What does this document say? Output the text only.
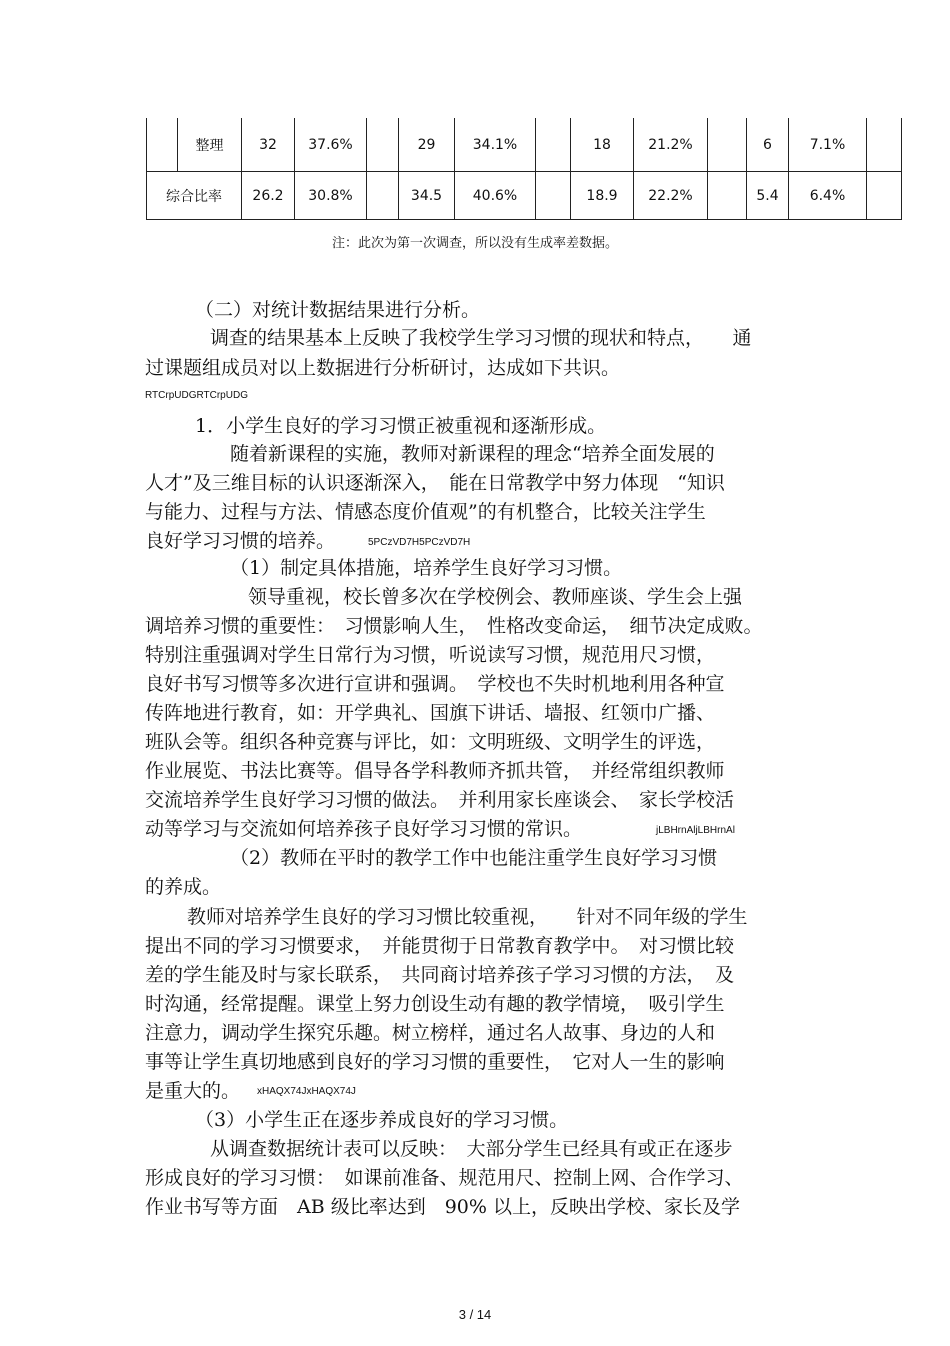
	整理	32	37.6%		29	34.1%		18	21.2%		6	7.1%	
综合比率		26.2	30.8%		34.5	40.6%		18.9	22.2%		5.4	6.4%	
注：此次为第一次调查，所以没有生成率差数据。
（二）对统计数据结果进行分析。
调查的结果基本上反映了我校学生学习习惯的现状和特点，　　通
过课题组成员对以上数据进行分析研讨，达成如下共识。
RTCrpUDGRTCrpUDG
1．小学生良好的学习习惯正被重视和逐渐形成。
随着新课程的实施，教师对新课程的理念“培养全面发展的
人才”及三维目标的认识逐渐深入，　能在日常教学中努力体现　“知识
与能力、过程与方法、情感态度价值观”的有机整合，比较关注学生
良好学习习惯的培养。	5PCzVD7H5PCzVD7H
（1）制定具体措施，培养学生良好学习习惯。
领导重视，校长曾多次在学校例会、教师座谈、学生会上强
调培养习惯的重要性：　习惯影响人生，　性格改变命运，　细节决定成败。
特别注重强调对学生日常行为习惯，听说读写习惯，规范用尺习惯，
良好书写习惯等多次进行宣讲和强调。　学校也不失时机地利用各种宣
传阵地进行教育，如：开学典礼、国旗下讲话、墙报、红领巾广播、
班队会等。组织各种竞赛与评比，如：文明班级、文明学生的评选，
作业展览、书法比赛等。倡导各学科教师齐抓共管，　并经常组织教师
交流培养学生良好学习习惯的做法。　并利用家长座谈会、　家长学校活
动等学习与交流如何培养孩子良好学习习惯的常识。	jLBHrnAljLBHrnAl
（2）教师在平时的教学工作中也能注重学生良好学习习惯
的养成。
教师对培养学生良好的学习习惯比较重视，　　针对不同年级的学生
提出不同的学习习惯要求，　并能贯彻于日常教育教学中。　对习惯比较
差的学生能及时与家长联系，　共同商讨培养孩子学习习惯的方法，　及
时沟通，经常提醒。课堂上努力创设生动有趣的教学情境，　吸引学生
注意力，调动学生探究乐趣。树立榜样，通过名人故事、身边的人和
事等让学生真切地感到良好的学习习惯的重要性，　它对人一生的影响
是重大的。 xHAQX74JxHAQX74J
（3）小学生正在逐步养成良好的学习习惯。
从调查数据统计表可以反映：　大部分学生已经具有或正在逐步
形成良好的学习习惯：　如课前准备、规范用尺、控制上网、合作学习、
作业书写等方面　AB 级比率达到　90% 以上，反映出学校、家长及学
3 / 14
